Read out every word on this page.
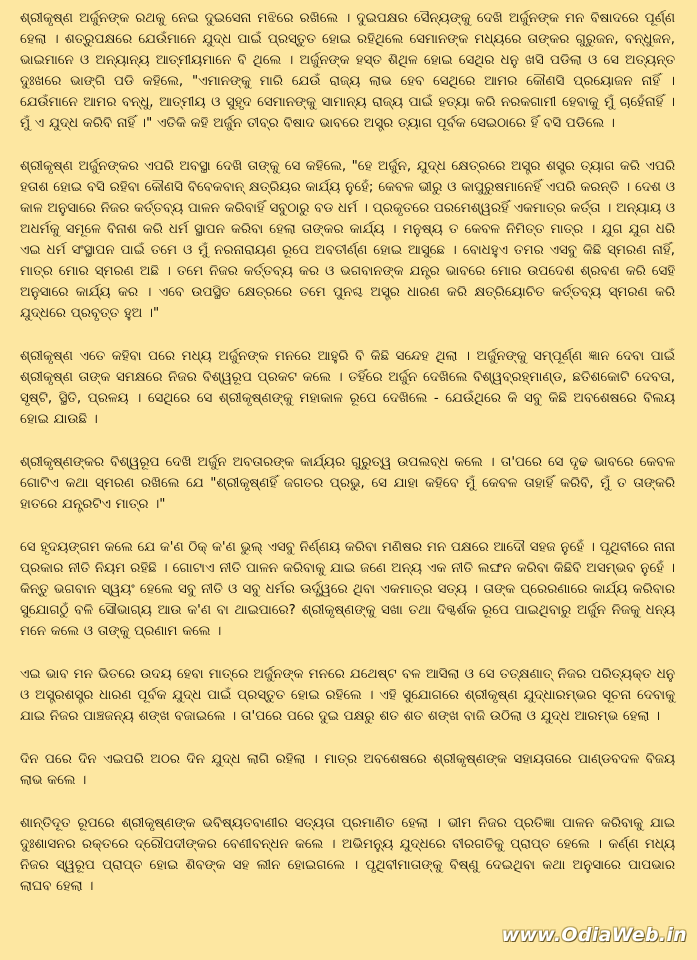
ଶ୍ରୀକୃଷ୍ଣ ଅର୍ଜୁନଙ୍କ ରଥକୁ ନେଇ ଦୁଇସେନା ମଝିରେ ରଖିଲେ । ଦୁଇପକ୍ଷର ସୈନ୍ୟଙ୍କୁ ଦେଖି ଅର୍ଜୁନଙ୍କ ମନ ବିଷାଦରେ ପୂର୍ଣ୍ଣ ହେଲା । ଶତ୍ରୁପକ୍ଷରେ ଯେଉଁମାନେ ଯୁଦ୍ଧ ପାଇଁ ପ୍ରସ୍ତୁତ ହୋଇ ରହିଥିଲେ ସେମାନଙ୍କ ମଧ୍ୟରେ ତାଙ୍କର ଗୁରୁଜନ, ବନ୍ଧୁଜନ, ଭାଇମାନେ ଓ ଅନ୍ୟାନ୍ୟ ଆତ୍ମୀୟମାନେ ବି ଥିଲେ । ଅର୍ଜୁନଙ୍କ ହସ୍ତ ଶିଥିଳ ହୋଇ ସେଥିର ଧନୁ ଖସି ପଡିଲା ଓ ସେ ଅତ୍ୟନ୍ତ ଦୁଃଖରେ ଭାଙ୍ଗି ପଡି କହିଲେ, "ଏମାନଙ୍କୁ ମାରି ଯେଉଁ ରାଜ୍ୟ ଲାଭ ହେବ ସେଥିରେ ଆମର କୌଣସି ପ୍ରୟୋଜନ ନାହିଁ । ଯେଉଁମାନେ ଆମର ବନ୍ଧୁ, ଆତ୍ମୀୟ ଓ ସୁହୃଦ ସେମାନଙ୍କୁ ସାମାନ୍ୟ ରାଜ୍ୟ ପାଇଁ ହତ୍ୟା କରି ନରକଗାମୀ ହେବାକୁ ମୁଁ ଚାହେଁନାହିଁ । ମୁଁ ଏ ଯୁଦ୍ଧ କରିବି ନାହିଁ ।" ଏତିକି କହି ଅର୍ଜୁନ ତୀବ୍ର ବିଷାଦ ଭାବରେ ଅସ୍ତ୍ର ତ୍ୟାଗ ପୂର୍ବକ ସେଇଠାରେ ହିଁ ବସି ପଡିଲେ ।

ଶ୍ରୀକୃଷ୍ଣ ଅର୍ଜୁନଙ୍କର ଏପରି ଅବସ୍ଥା ଦେଖି ତାଙ୍କୁ ସେ କହିଲେ, "ହେ ଅର୍ଜୁନ, ଯୁଦ୍ଧ କ୍ଷେତ୍ରରେ ଅସ୍ତ୍ର ଶସ୍ତ୍ର ତ୍ୟାଗ କରି ଏପରି ହତାଶ ହୋଇ ବସି ରହିବା କୌଣସି ବିବେକବାନ୍ କ୍ଷତ୍ରିୟର କାର୍ଯ୍ୟ ନୁହେଁ; କେବଳ ଭୀରୁ ଓ କାପୁରୁଷମାନେହିଁ ଏପରି କରନ୍ତି । ଦେଶ ଓ କାଳ ଅନୁସାରେ ନିଜର କର୍ତ୍ତବ୍ୟ ପାଳନ କରିବାହିଁ ସବୁଠାରୁ ବଡ ଧର୍ମ । ପ୍ରକୃତରେ ପରମେଶ୍ୱରହିଁ ଏକମାତ୍ର କର୍ତ୍ତା । ଅନ୍ୟାୟ ଓ ଅଧର୍ମକୁ ସମୂଳେ ବିନାଶ କରି ଧର୍ମ ସ୍ଥାପନ କରିବା ହେଲା ତାଙ୍କର କାର୍ଯ୍ୟ । ମନୁଷ୍ୟ ତ କେବଳ ନିମିତ୍ତ ମାତ୍ର । ଯୁଗ ଯୁଗ ଧରି ଏଇ ଧର୍ମ ସଂସ୍ଥାପନ ପାଇଁ ତମେ ଓ ମୁଁ ନରନାରାୟଣ ରୂପେ ଅବତୀର୍ଣ୍ଣ ହୋଇ ଆସୁଛେ । ବୋଧହୁଏ ତମର ଏସବୁ କିଛି ସ୍ମରଣ ନାହିଁ, ମାତ୍ର ମୋର ସ୍ମରଣ ଅଛି । ତମେ ନିଜର କର୍ତ୍ତବ୍ୟ କର ଓ ଭଗବାନଙ୍କ ଯନ୍ତ୍ର ଭାବରେ ମୋର ଉପଦେଶ ଶ୍ରବଣ କରି ସେହି ଅନୁସାରେ କାର୍ଯ୍ୟ କର । ଏବେ ଉପସ୍ଥିତ କ୍ଷେତ୍ରରେ ତମେ ପୁନଶ୍ଚ ଅସ୍ତ୍ର ଧାରଣ କରି କ୍ଷତ୍ରିୟୋଚିତ କର୍ତ୍ତବ୍ୟ ସ୍ମରଣ କରି ଯୁଦ୍ଧରେ ପ୍ରବୃତ୍ତ ହୁଅ ।"

ଶ୍ରୀକୃଷ୍ଣ ଏତେ କହିବା ପରେ ମଧ୍ୟ ଅର୍ଜୁନଙ୍କ ମନରେ ଆହୁରି ବି କିଛି ସନ୍ଦେହ ଥିଲା । ଅର୍ଜୁନଙ୍କୁ ସମ୍ପୂର୍ଣ୍ଣ ଜ୍ଞାନ ଦେବା ପାଇଁ ଶ୍ରୀକୃଷ୍ଣ ତାଙ୍କ ସମକ୍ଷରେ ନିଜର ବିଶ୍ୱରୂପ ପ୍ରକଟ କଲେ । ତହିଁରେ ଅର୍ଜୁନ ଦେଖିଲେ ବିଶ୍ୱବ୍ରହ୍ମାଣ୍ଡ, ଛତିଶକୋଟି ଦେବତା, ସୃଷ୍ଟି, ସ୍ଥିତି, ପ୍ରଳୟ । ସେଥିରେ ସେ ଶ୍ରୀକୃଷ୍ଣଙ୍କୁ ମହାକାଳ ରୂପେ ଦେଖିଲେ - ଯେଉଁଥିରେ କି ସବୁ କିଛି ଅବଶେଷରେ ବିଲୟ ହୋଇ ଯାଉଛି ।

ଶ୍ରୀକୃଷ୍ଣଙ୍କର ବିଶ୍ୱରୂପ ଦେଖି ଅର୍ଜୁନ ଅବତାରଙ୍କ କାର୍ଯ୍ୟର ଗୁରୁତ୍ୱ ଉପଲବ୍ଧ କଲେ । ତା'ପରେ ସେ ଦୃଢ ଭାବରେ କେବଳ ଗୋଟିଏ କଥା ସ୍ମରଣ ରଖିଲେ ଯେ "ଶ୍ରୀକୃଷ୍ଣହିଁ ଜଗତର ପ୍ରଭୁ, ସେ ଯାହା କହିବେ ମୁଁ କେବଳ ତାହାହିଁ କରିବି, ମୁଁ ତ ତାଙ୍କରି ହାତରେ ଯନ୍ତ୍ରଟିଏ ମାତ୍ର ।"

ସେ ହୃଦୟଙ୍ଗମ କଲେ ଯେ କ'ଣ ଠିକ୍ କ'ଣ ଭୁଲ୍ ଏସବୁ ନିର୍ଣ୍ଣୟ କରିବା ମଣିଷର ମନ ପକ୍ଷରେ ଆଦୌ ସହଜ ନୁହେଁ । ପୃଥିବୀରେ ନାନା ପ୍ରକାର ନୀତି ନିୟମ ରହିଛି । ଗୋଟାଏ ନୀତି ପାଳନ କରିବାକୁ ଯାଇ ଜଣେ ଅନ୍ୟ ଏକ ନୀତି ଲଙ୍ଘନ କରିବା କିଛିବି ଅସମ୍ଭବ ନୁହେଁ । କିନ୍ତୁ ଭଗବାନ ସ୍ୱୟଂ ହେଲେ ସବୁ ନୀତି ଓ ସବୁ ଧର୍ମର ଊର୍ଦ୍ଧ୍ୱରେ ଥିବା ଏକମାତ୍ର ସତ୍ୟ । ତାଙ୍କ ପ୍ରେରଣାରେ କାର୍ଯ୍ୟ କରିବାର ସୁଯୋଗଠୁଁ ବଳି ସୌଭାଗ୍ୟ ଆଉ କ'ଣ ବା ଥାଇପାରେ? ଶ୍ରୀକୃଷ୍ଣଙ୍କୁ ସଖା ତଥା ଦିଗ୍ଦର୍ଶକ ରୂପେ ପାଇଥିବାରୁ ଅର୍ଜୁନ ନିଜକୁ ଧନ୍ୟ ମନେ କଲେ ଓ ତାଙ୍କୁ ପ୍ରଣାମ କଲେ ।

ଏଇ ଭାବ ମନ ଭିତରେ ଉଦୟ ହେବା ମାତ୍ରେ ଅର୍ଜୁନଙ୍କ ମନରେ ଯଥେଷ୍ଟ ବଳ ଆସିଲା ଓ ସେ ତତ୍କ୍ଷଣାତ୍ ନିଜର ପରିତ୍ୟକ୍ତ ଧନୁ ଓ ଅସ୍ତ୍ରଶସ୍ତ୍ର ଧାରଣ ପୂର୍ବକ ଯୁଦ୍ଧ ପାଇଁ ପ୍ରସ୍ତୁତ ହୋଇ ରହିଲେ । ଏହି ସୁଯୋଗରେ ଶ୍ରୀକୃଷ୍ଣ ଯୁଦ୍ଧାରମ୍ଭର ସୂଚନା ଦେବାକୁ ଯାଇ ନିଜର ପାଞ୍ଚଜନ୍ୟ ଶଙ୍ଖ ବଜାଇଲେ । ତା'ପରେ ପରେ ଦୁଇ ପକ୍ଷରୁ ଶତ ଶତ ଶଙ୍ଖ ବାଜି ଉଠିଲା ଓ ଯୁଦ୍ଧ ଆରମ୍ଭ ହେଲା ।

ଦିନ ପରେ ଦିନ ଏଇପରି ଅଠର ଦିନ ଯୁଦ୍ଧ ଲାଗି ରହିଲା । ମାତ୍ର ଅବଶେଷରେ ଶ୍ରୀକୃଷ୍ଣଙ୍କ ସହାୟତାରେ ପାଣ୍ଡବଦଳ ବିଜୟ ଲାଭ କଲେ ।

ଶାନ୍ତିଦୂତ ରୂପରେ ଶ୍ରୀକୃଷ୍ଣଙ୍କ ଭବିଷ୍ୟତବାଣୀର ସତ୍ୟତା ପ୍ରମାଣିତ ହେଲା । ଭୀମ ନିଜର ପ୍ରତିଜ୍ଞା ପାଳନ କରିବାକୁ ଯାଇ ଦୁଃଶାସନର ରକ୍ତରେ ଦ୍ରୌପଦୀଙ୍କର ବେଣୀବନ୍ଧନ କଲେ । ଅଭିମନ୍ୟୁ ଯୁଦ୍ଧରେ ବୀରଗତିକୁ ପ୍ରାପ୍ତ ହେଲେ । କର୍ଣ୍ଣ ମଧ୍ୟ ନିଜର ସ୍ୱରୂପ ପ୍ରାପ୍ତ ହୋଇ ଶିବଙ୍କ ସହ ଲୀନ ହୋଇଗଲେ । ପୃଥିବୀମାତାଙ୍କୁ ବିଷ୍ଣୁ ଦେଇଥିବା କଥା ଅନୁସାରେ ପାପଭାର ଲାଘବ ହେଲା ।

www.OdiaWeb.in
